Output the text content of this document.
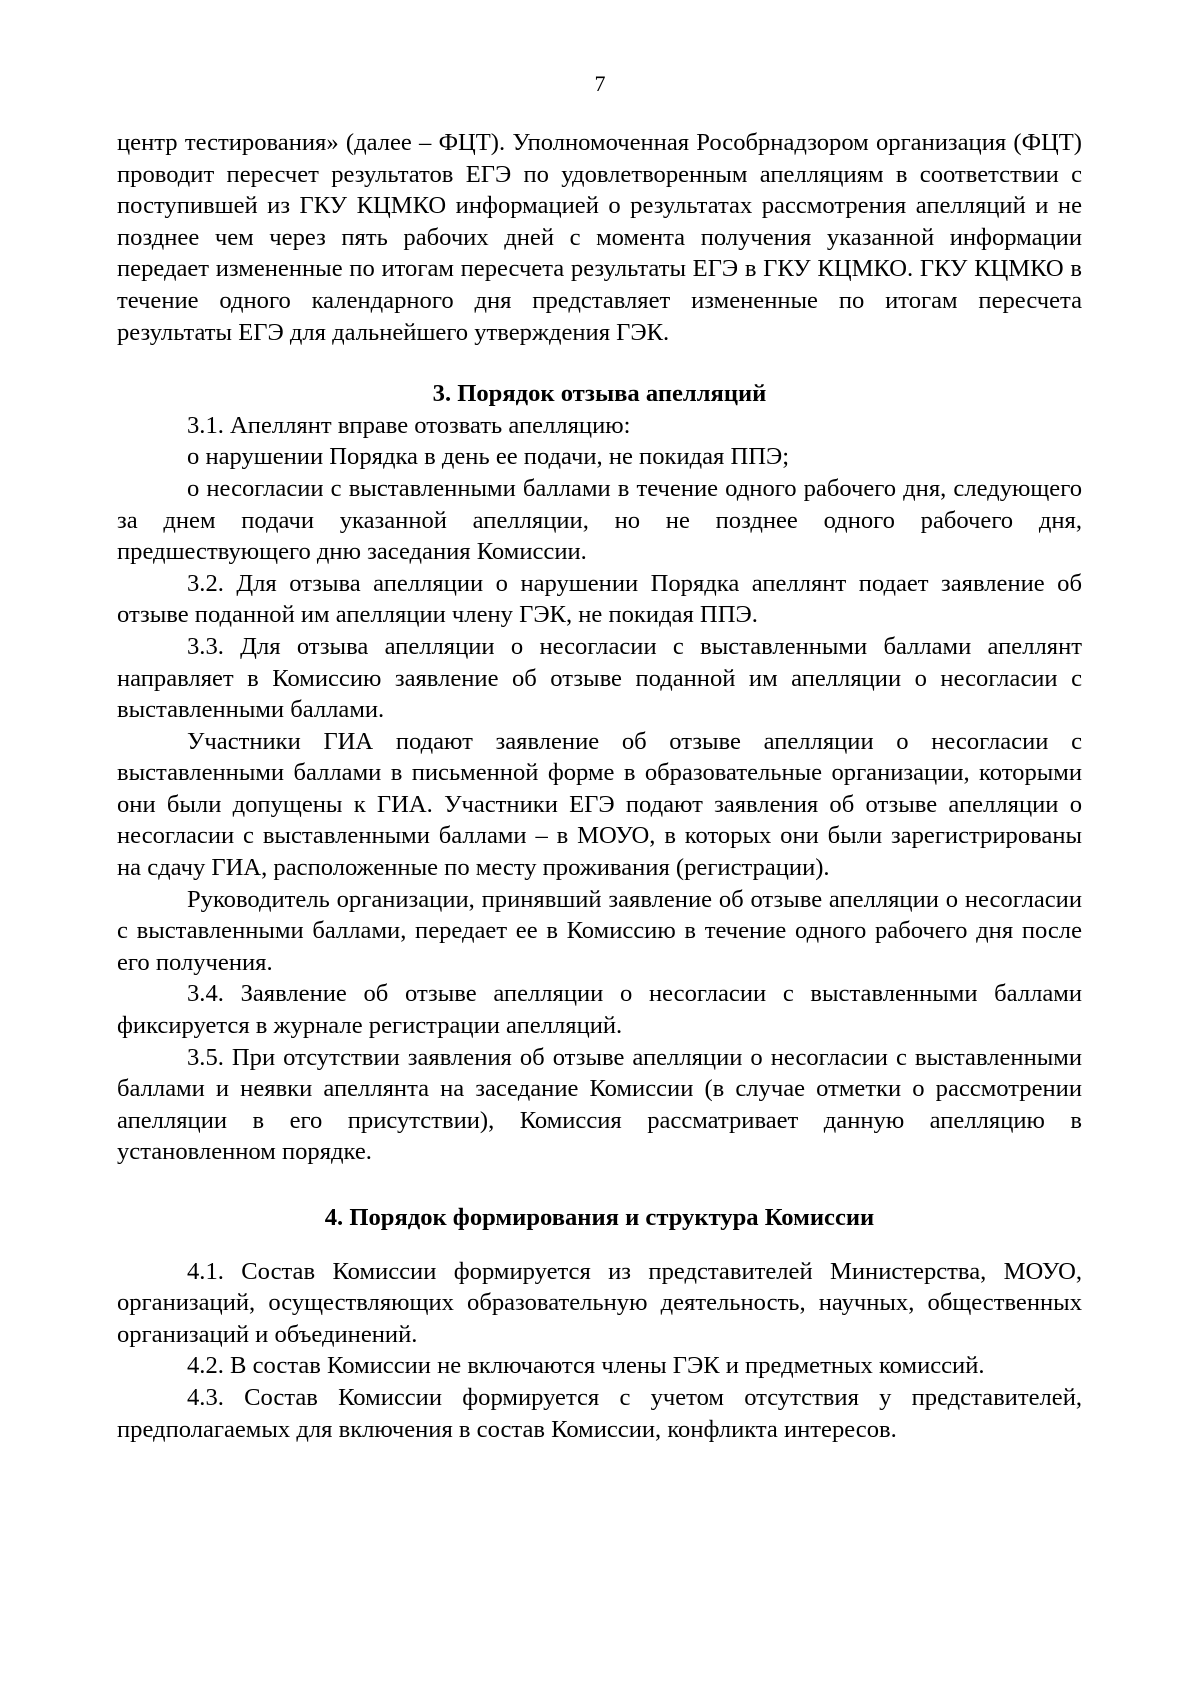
7

центр тестирования» (далее – ФЦТ). Уполномоченная Рособрнадзором организация (ФЦТ) проводит пересчет результатов ЕГЭ по удовлетворенным апелляциям в соответствии с поступившей из ГКУ КЦМКО информацией о результатах рассмотрения апелляций и не позднее чем через пять рабочих дней с момента получения указанной информации передает измененные по итогам пересчета результаты ЕГЭ в ГКУ КЦМКО. ГКУ КЦМКО в течение одного календарного дня представляет измененные по итогам пересчета результаты ЕГЭ для дальнейшего утверждения ГЭК.

3. Порядок отзыва апелляций

3.1. Апеллянт вправе отозвать апелляцию:

о нарушении Порядка в день ее подачи, не покидая ППЭ;

о несогласии с выставленными баллами в течение одного рабочего дня, следующего за днем подачи указанной апелляции, но не позднее одного рабочего дня, предшествующего дню заседания Комиссии.

3.2. Для отзыва апелляции о нарушении Порядка апеллянт подает заявление об отзыве поданной им апелляции члену ГЭК, не покидая ППЭ.

3.3. Для отзыва апелляции о несогласии с выставленными баллами апеллянт направляет в Комиссию заявление об отзыве поданной им апелляции о несогласии с выставленными баллами.

Участники ГИА подают заявление об отзыве апелляции о несогласии с выставленными баллами в письменной форме в образовательные организации, которыми они были допущены к ГИА. Участники ЕГЭ подают заявления об отзыве апелляции о несогласии с выставленными баллами – в МОУО, в которых они были зарегистрированы на сдачу ГИА, расположенные по месту проживания (регистрации).

Руководитель организации, принявший заявление об отзыве апелляции о несогласии с выставленными баллами, передает ее в Комиссию в течение одного рабочего дня после его получения.

3.4. Заявление об отзыве апелляции о несогласии с выставленными баллами фиксируется в журнале регистрации апелляций.

3.5. При отсутствии заявления об отзыве апелляции о несогласии с выставленными баллами и неявки апеллянта на заседание Комиссии (в случае отметки о рассмотрении апелляции в его присутствии), Комиссия рассматривает данную апелляцию в установленном порядке.

4. Порядок формирования и структура Комиссии

4.1. Состав Комиссии формируется из представителей Министерства, МОУО, организаций, осуществляющих образовательную деятельность, научных, общественных организаций и объединений.

4.2. В состав Комиссии не включаются члены ГЭК и предметных комиссий.

4.3. Состав Комиссии формируется с учетом отсутствия у представителей, предполагаемых для включения в состав Комиссии, конфликта интересов.
